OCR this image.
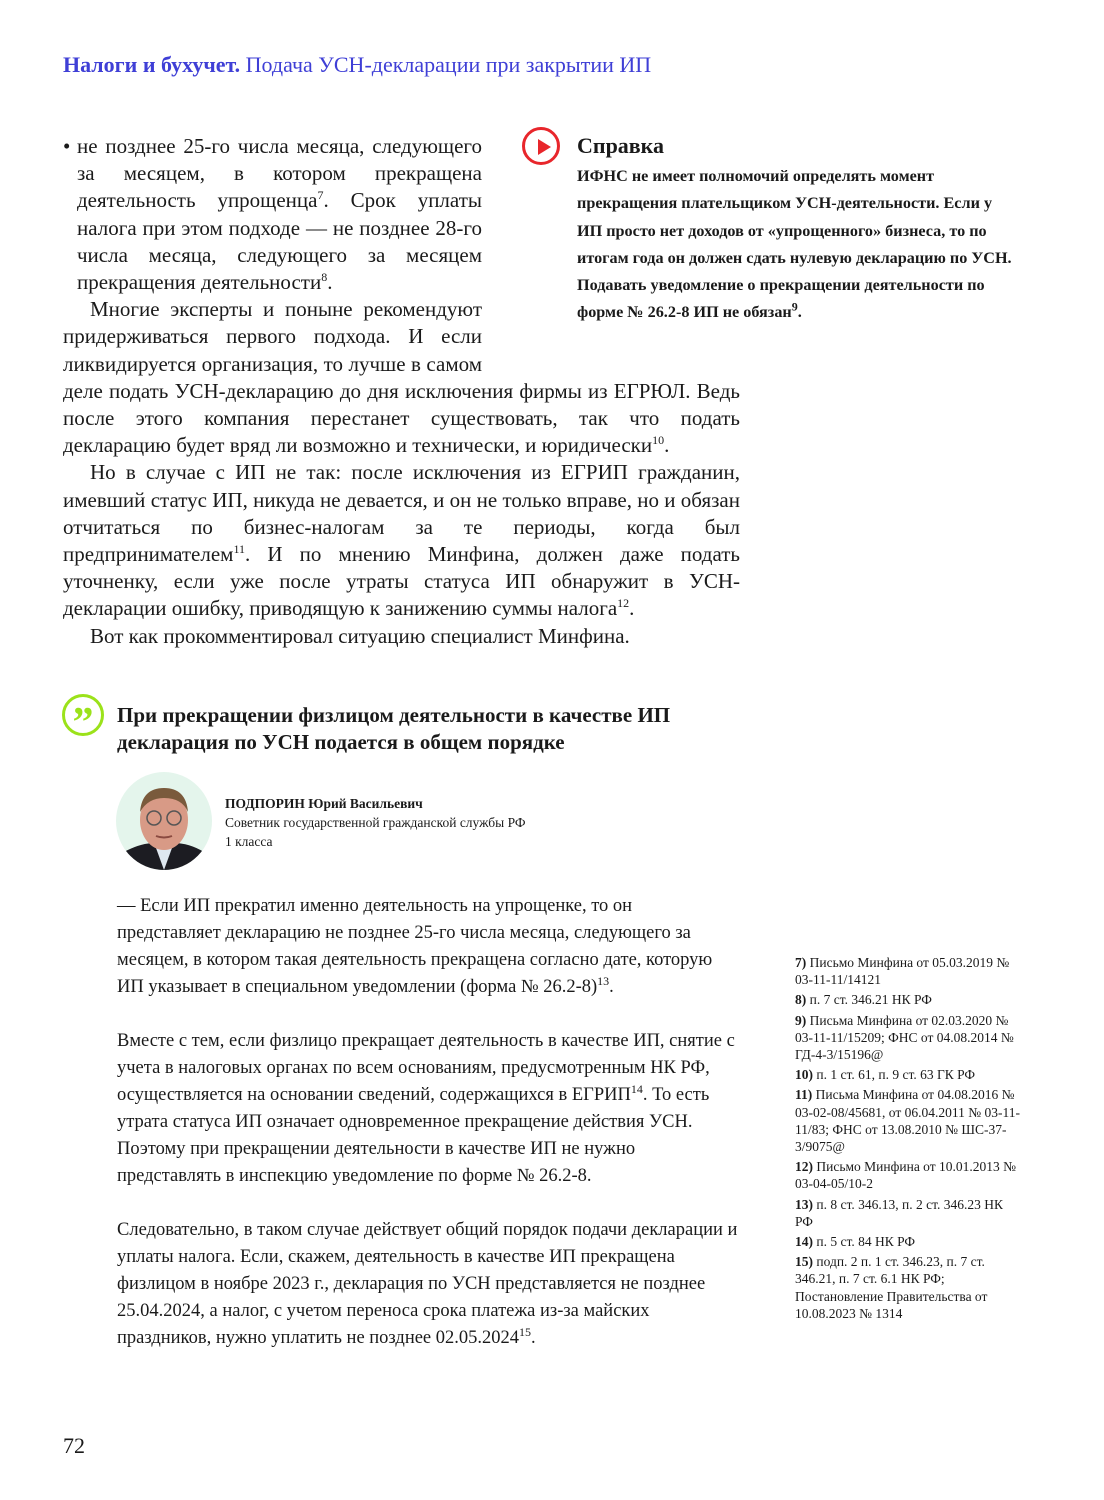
Налоги и бухучет. Подача УСН-декларации при закрытии ИП

• не позднее 25-го числа месяца, следующего за месяцем, в котором прекращена деятельность упрощенца$^7$. Срок уплаты налога при этом подходе — не позднее 28-го числа месяца, следующего за месяцем прекращения деятельности$^8$.

Многие эксперты и поныне рекомендуют придерживаться первого подхода. И если ликвидируется организация, то лучше в самом деле подать УСН-декларацию до дня исключения фирмы из ЕГРЮЛ. Ведь после этого компания перестанет существовать, так что подать декларацию будет вряд ли возможно и технически, и юридически$^{10}$.

Но в случае с ИП не так: после исключения из ЕГРИП гражданин, имевший статус ИП, никуда не девается, и он не только вправе, но и обязан отчитаться по бизнес-налогам за те периоды, когда был предпринимателем$^{11}$. И по мнению Минфина, должен даже подать уточненку, если уже после утраты статуса ИП обнаружит в УСН-декларации ошибку, приводящую к занижению суммы налога$^{12}$.

Вот как прокомментировал ситуацию специалист Минфина.

Справка
ИФНС не имеет полномочий определять момент прекращения плательщиком УСН-деятельности. Если у ИП просто нет доходов от «упрощенного» бизнеса, то по итогам года он должен сдать нулевую декларацию по УСН. Подавать уведомление о прекращении деятельности по форме № 26.2-8 ИП не обязан$^9$.
”	При прекращении физлицом деятельности в качестве ИП декларация по УСН подается в общем порядке
ПОДПОРИН Юрий Васильевич
Советник государственной гражданской службы РФ
1 класса

— Если ИП прекратил именно деятельность на упрощенке, то он представляет декларацию не позднее 25-го числа месяца, следующего за месяцем, в котором такая деятельность прекращена согласно дате, которую ИП указывает в специальном уведомлении (форма № 26.2-8)$^{13}$.

Вместе с тем, если физлицо прекращает деятельность в качестве ИП, снятие с учета в налоговых органах по всем основаниям, предусмотренным НК РФ, осуществляется на основании сведений, содержащихся в ЕГРИП$^{14}$. То есть утрата статуса ИП означает одновременное прекращение действия УСН. Поэтому при прекращении деятельности в качестве ИП не нужно представлять в инспекцию уведомление по форме № 26.2-8.

Следовательно, в таком случае действует общий порядок подачи декларации и уплаты налога. Если, скажем, деятельность в качестве ИП прекращена физлицом в ноябре 2023 г., декларация по УСН представляется не позднее 25.04.2024, а налог, с учетом переноса срока платежа из-за майских праздников, нужно уплатить не позднее 02.05.2024$^{15}$.

7) Письмо Минфина от 05.03.2019 № 03-11-11/14121
8) п. 7 ст. 346.21 НК РФ
9) Письма Минфина от 02.03.2020 № 03-11-11/15209; ФНС от 04.08.2014 № ГД-4-3/15196@
10) п. 1 ст. 61, п. 9 ст. 63 ГК РФ
11) Письма Минфина от 04.08.2016 № 03-02-08/45681, от 06.04.2011 № 03-11-11/83; ФНС от 13.08.2010 № ШС-37-3/9075@
12) Письмо Минфина от 10.01.2013 № 03-04-05/10-2
13) п. 8 ст. 346.13, п. 2 ст. 346.23 НК РФ
14) п. 5 ст. 84 НК РФ
15) подп. 2 п. 1 ст. 346.23, п. 7 ст. 346.21, п. 7 ст. 6.1 НК РФ; Постановление Правительства от 10.08.2023 № 1314
72
